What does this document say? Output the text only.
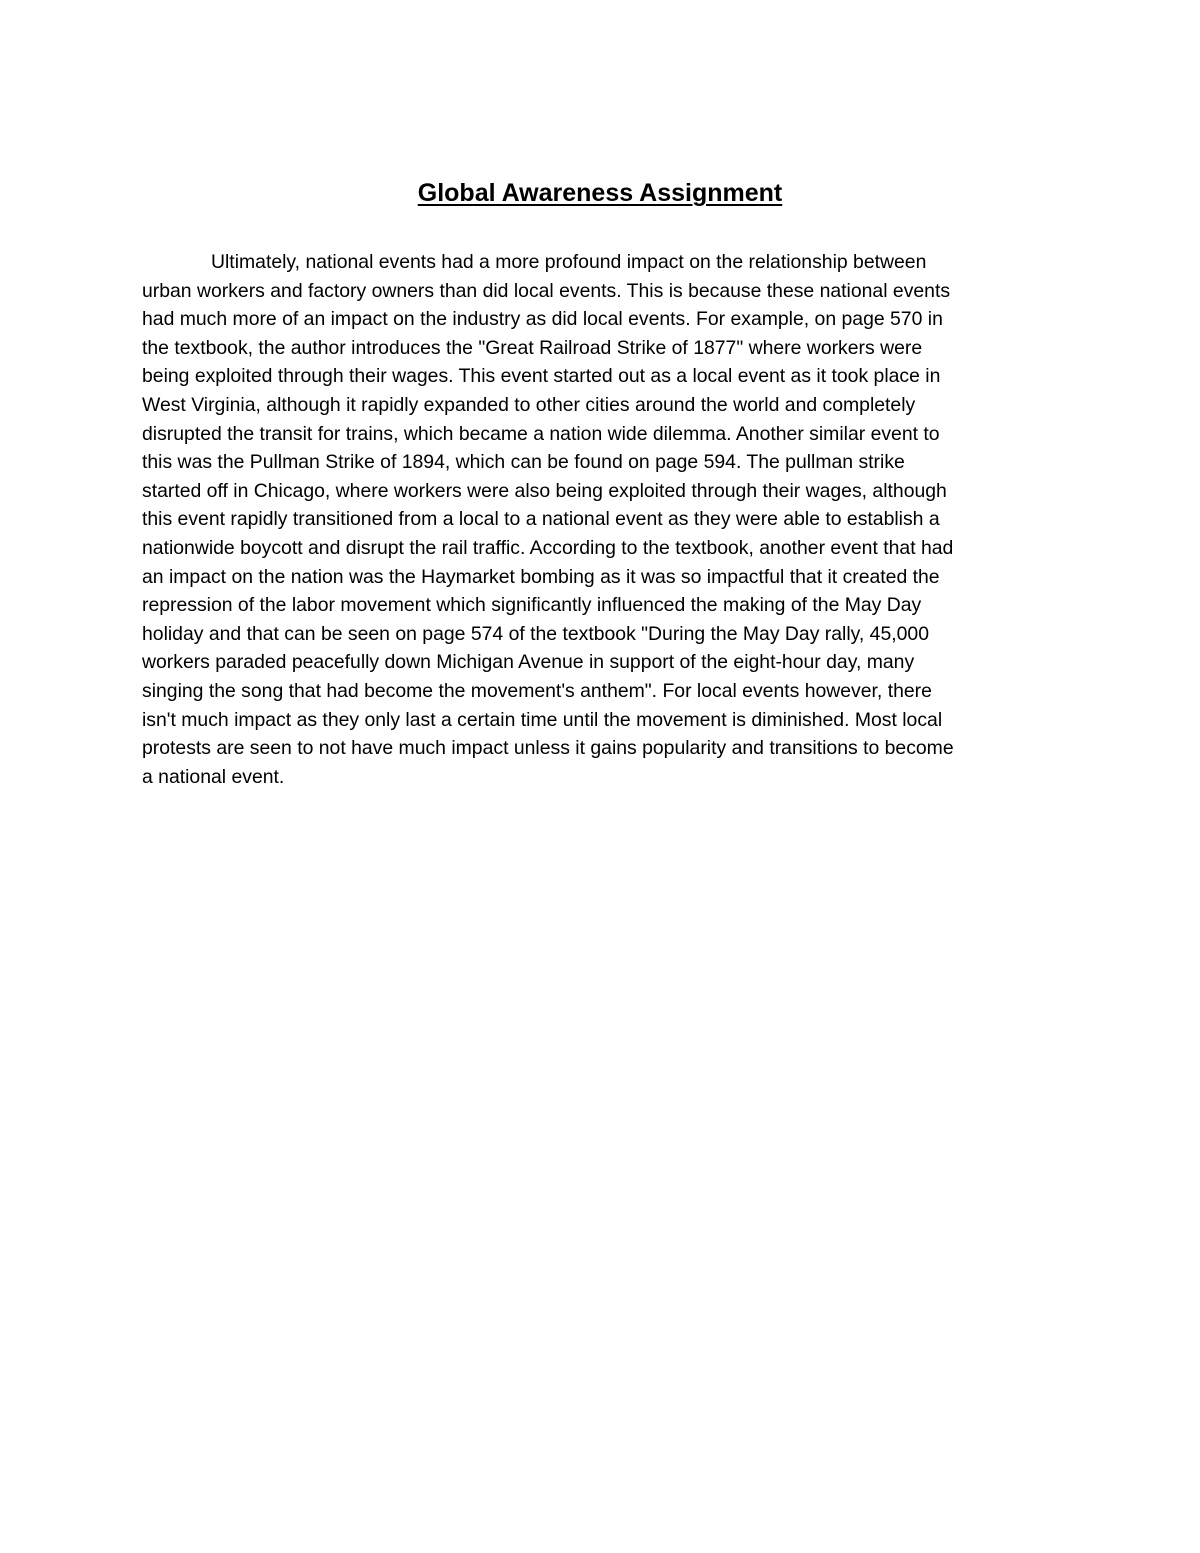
Global Awareness Assignment
Ultimately, national events had a more profound impact on the relationship between
urban workers and factory owners than did local events. This is because these national events
had much more of an impact on the industry as did local events. For example, on page 570 in
the textbook, the author introduces the "Great Railroad Strike of 1877" where workers were
being exploited through their wages. This event started out as a local event as it took place in
West Virginia, although it rapidly expanded to other cities around the world and completely
disrupted the transit for trains, which became a nation wide dilemma. Another similar event to
this was the Pullman Strike of 1894, which can be found on page 594. The pullman strike
started off in Chicago, where workers were also being exploited through their wages, although
this event rapidly transitioned from a local to a national event as they were able to establish a
nationwide boycott and disrupt the rail traffic. According to the textbook, another event that had
an impact on the nation was the Haymarket bombing as it was so impactful that it created the
repression of the labor movement which significantly influenced the making of the May Day
holiday and that can be seen on page 574 of the textbook "During the May Day rally, 45,000
workers paraded peacefully down Michigan Avenue in support of the eight-hour day, many
singing the song that had become the movement's anthem". For local events however, there
isn't much impact as they only last a certain time until the movement is diminished. Most local
protests are seen to not have much impact unless it gains popularity and transitions to become
a national event.
